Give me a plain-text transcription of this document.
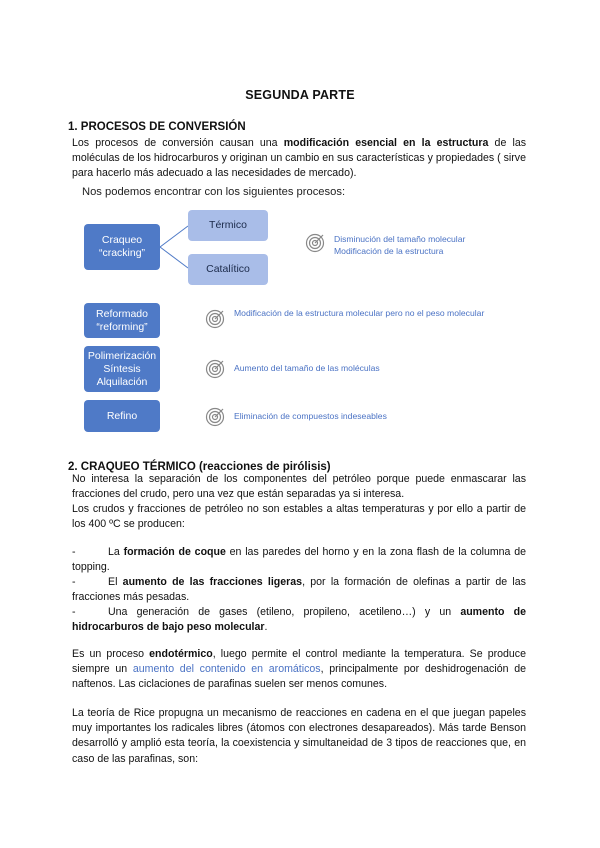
SEGUNDA PARTE
1. PROCESOS DE CONVERSIÓN
Los procesos de conversión causan una modificación esencial en la estructura de las moléculas de los hidrocarburos y originan un cambio en sus características y propiedades ( sirve para hacerlo más adecuado a las necesidades de mercado).
Nos podemos encontrar con los siguientes procesos:
Craqueo
“cracking”
Térmico
Catalítico
Disminución del tamaño molecular
Modificación de la estructura
Reformado
“reforming”
Modificación de la estructura molecular pero no el peso molecular
Polimerización
Síntesis
Alquilación
Aumento del tamaño de las moléculas
Refino	Eliminación de compuestos indeseables
2. CRAQUEO TÉRMICO (reacciones de pirólisis)
No interesa la separación de los componentes del petróleo porque puede enmascarar las fracciones del crudo, pero una vez que están separadas ya si interesa.
Los crudos y fracciones de petróleo no son estables a altas temperaturas y por ello a partir de los 400 ºC se producen:
-	La formación de coque en las paredes del horno y en la zona flash de la columna de topping.
-	El aumento de las fracciones ligeras, por la formación de olefinas a partir de las fracciones más pesadas.
-	Una generación de gases (etileno, propileno, acetileno…) y un aumento de hidrocarburos de bajo peso molecular.
Es un proceso endotérmico, luego permite el control mediante la temperatura. Se produce siempre un aumento del contenido en aromáticos, principalmente por deshidrogenación de naftenos. Las ciclaciones de parafinas suelen ser menos comunes.
La teoría de Rice propugna un mecanismo de reacciones en cadena en el que juegan papeles muy importantes los radicales libres (átomos con electrones desapareados). Más tarde Benson desarrolló y amplió esta teoría, la coexistencia y simultaneidad de 3 tipos de reacciones que, en caso de las parafinas, son:
